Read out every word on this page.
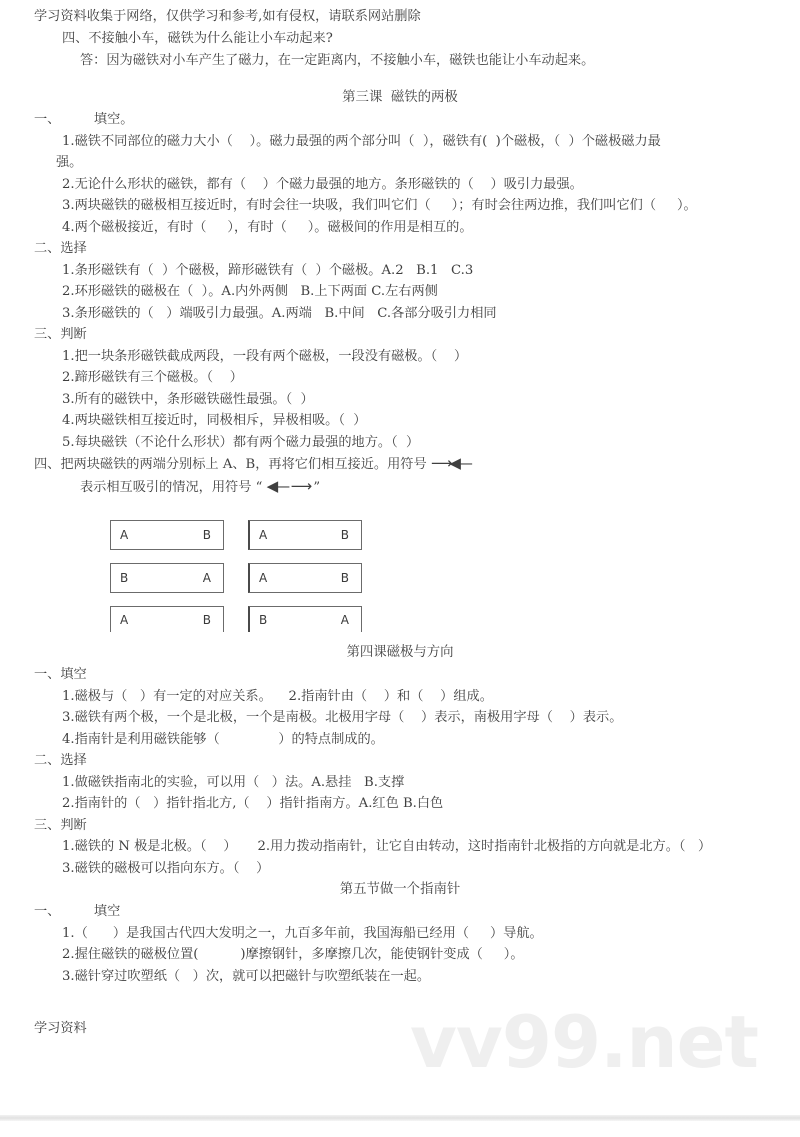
vv99.net
学习资料收集于网络，仅供学习和参考,如有侵权，请联系网站删除
四、不接触小车，磁铁为什么能让小车动起来?
答：因为磁铁对小车产生了磁力，在一定距离内，不接触小车，磁铁也能让小车动起来。
第三课  磁铁的两极
一、        填空。
1.磁铁不同部位的磁力大小（    ）。磁力最强的两个部分叫（  ），磁铁有(  )个磁极，（  ）个磁极磁力最
强。
2.无论什么形状的磁铁，都有（    ）个磁力最强的地方。条形磁铁的（    ）吸引力最强。
3.两块磁铁的磁极相互接近时，有时会往一块吸，我们叫它们（     ）；有时会往两边推，我们叫它们（     ）。
4.两个磁极接近，有时（     ），有时（     ）。磁极间的作用是相互的。
二、选择
1.条形磁铁有（  ）个磁极，蹄形磁铁有（  ）个磁极。A.2   B.1   C.3
2.环形磁铁的磁极在（  ）。A.内外两侧   B.上下两面 C.左右两侧
3.条形磁铁的（   ）端吸引力最强。A.两端   B.中间   C.各部分吸引力相同
三、判断
1.把一块条形磁铁截成两段，一段有两个磁极，一段没有磁极。（    ）
2.蹄形磁铁有三个磁极。（    ）
3.所有的磁铁中，条形磁铁磁性最强。（  ）
4.两块磁铁相互接近时，同极相斥，异极相吸。（  ）
5.每块磁铁（不论什么形状）都有两个磁力最强的地方。（  ）
四、把两块磁铁的两端分别标上 A、B，再将它们相互接近。用符号 ⟶◀—
表示相互吸引的情况，用符号 “ ◀—  ⟶ ”
A	B	A	B
B	A	A	B
A	B	B	A
第四课磁极与方向
一、填空
1.磁极与（   ）有一定的对应关系。    2.指南针由（    ）和（    ）组成。
3.磁铁有两个极，一个是北极，一个是南极。北极用字母（    ）表示，南极用字母（    ）表示。
4.指南针是利用磁铁能够（              ）的特点制成的。
二、选择
1.做磁铁指南北的实验，可以用（   ）法。A.悬挂   B.支撑
2.指南针的（   ）指针指北方,（    ）指针指南方。A.红色 B.白色
三、判断
1.磁铁的 N 极是北极。（    ）     2.用力拨动指南针，让它自由转动，这时指南针北极指的方向就是北方。（   ）
3.磁铁的磁极可以指向东方。（    ）
第五节做一个指南针
一、        填空
1.（      ）是我国古代四大发明之一，九百多年前，我国海船已经用（     ）导航。
2.握住磁铁的磁极位置(          )摩擦钢针，多摩擦几次，能使钢针变成（     ）。
3.磁针穿过吹塑纸（   ）次，就可以把磁针与吹塑纸装在一起。
学习资料
